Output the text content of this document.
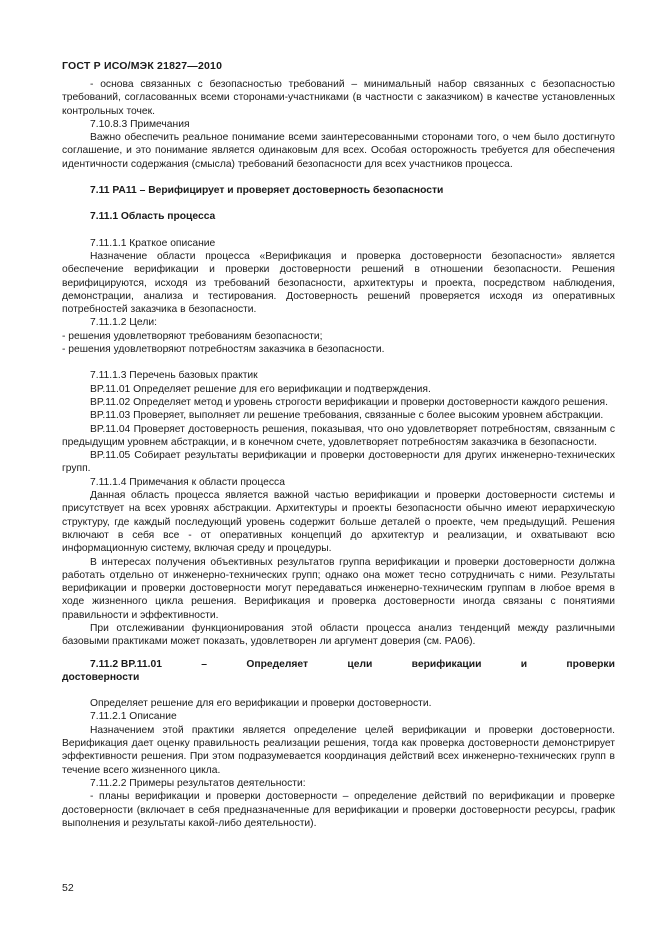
ГОСТ Р ИСО/МЭК 21827—2010

- основа связанных с безопасностью требований – минимальный набор связанных с безопасностью требований, согласованных всеми сторонами-участниками (в частности с заказчиком) в качестве установленных контрольных точек.

7.10.8.3 Примечания

Важно обеспечить реальное понимание всеми заинтересованными сторонами того, о чем было достигнуто соглашение, и это понимание является одинаковым для всех. Особая осторожность требуется для обеспечения идентичности содержания (смысла) требований безопасности для всех участников процесса.

7.11 PA11 – Верифицирует и проверяет достоверность безопасности

7.11.1 Область процесса

7.11.1.1 Краткое описание

Назначение области процесса «Верификация и проверка достоверности безопасности» является обеспечение верификации и проверки достоверности решений в отношении безопасности. Решения верифицируются, исходя из требований безопасности, архитектуры и проекта, посредством наблюдения, демонстрации, анализа и тестирования. Достоверность решений проверяется исходя из оперативных потребностей заказчика в безопасности.

7.11.1.2 Цели:

- решения удовлетворяют требованиям безопасности;

- решения удовлетворяют потребностям заказчика в безопасности.

7.11.1.3 Перечень базовых практик

BP.11.01 Определяет решение для его верификации и подтверждения.

BP.11.02 Определяет метод и уровень строгости верификации и проверки достоверности каждого решения.

BP.11.03 Проверяет, выполняет ли решение требования, связанные с более высоким уровнем абстракции.

BP.11.04 Проверяет достоверность решения, показывая, что оно удовлетворяет потребностям, связанным с предыдущим уровнем абстракции, и в конечном счете, удовлетворяет потребностям заказчика в безопасности.

BP.11.05 Собирает результаты верификации и проверки достоверности для других инженерно-технических групп.

7.11.1.4 Примечания к области процесса

Данная область процесса является важной частью верификации и проверки достоверности системы и присутствует на всех уровнях абстракции. Архитектуры и проекты безопасности обычно имеют иерархическую структуру, где каждый последующий уровень содержит больше деталей о проекте, чем предыдущий. Решения включают в себя все - от оперативных концепций до архитектур и реализации, и охватывают всю информационную систему, включая среду и процедуры.

В интересах получения объективных результатов группа верификации и проверки достоверности должна работать отдельно от инженерно-технических групп; однако она может тесно сотрудничать с ними. Результаты верификации и проверки достоверности могут передаваться инженерно-техническим группам в любое время в ходе жизненного цикла решения. Верификация и проверка достоверности иногда связаны с понятиями правильности и эффективности.

При отслеживании функционирования этой области процесса анализ тенденций между различными базовыми практиками может показать, удовлетворен ли аргумент доверия (см. PA06).

7.11.2 BP.11.01	–	Определяет	цели	верификации	и	проверки

достоверности

Определяет решение для его верификации и проверки достоверности.

7.11.2.1 Описание

Назначением этой практики является определение целей верификации и проверки достоверности. Верификация дает оценку правильность реализации решения, тогда как проверка достоверности демонстрирует эффективности решения. При этом подразумевается координация действий всех инженерно-технических групп в течение всего жизненного цикла.

7.11.2.2 Примеры результатов деятельности:

- планы верификации и проверки достоверности – определение действий по верификации и проверке достоверности (включает в себя предназначенные для верификации и проверки достоверности ресурсы, график выполнения и результаты какой-либо деятельности).

52
